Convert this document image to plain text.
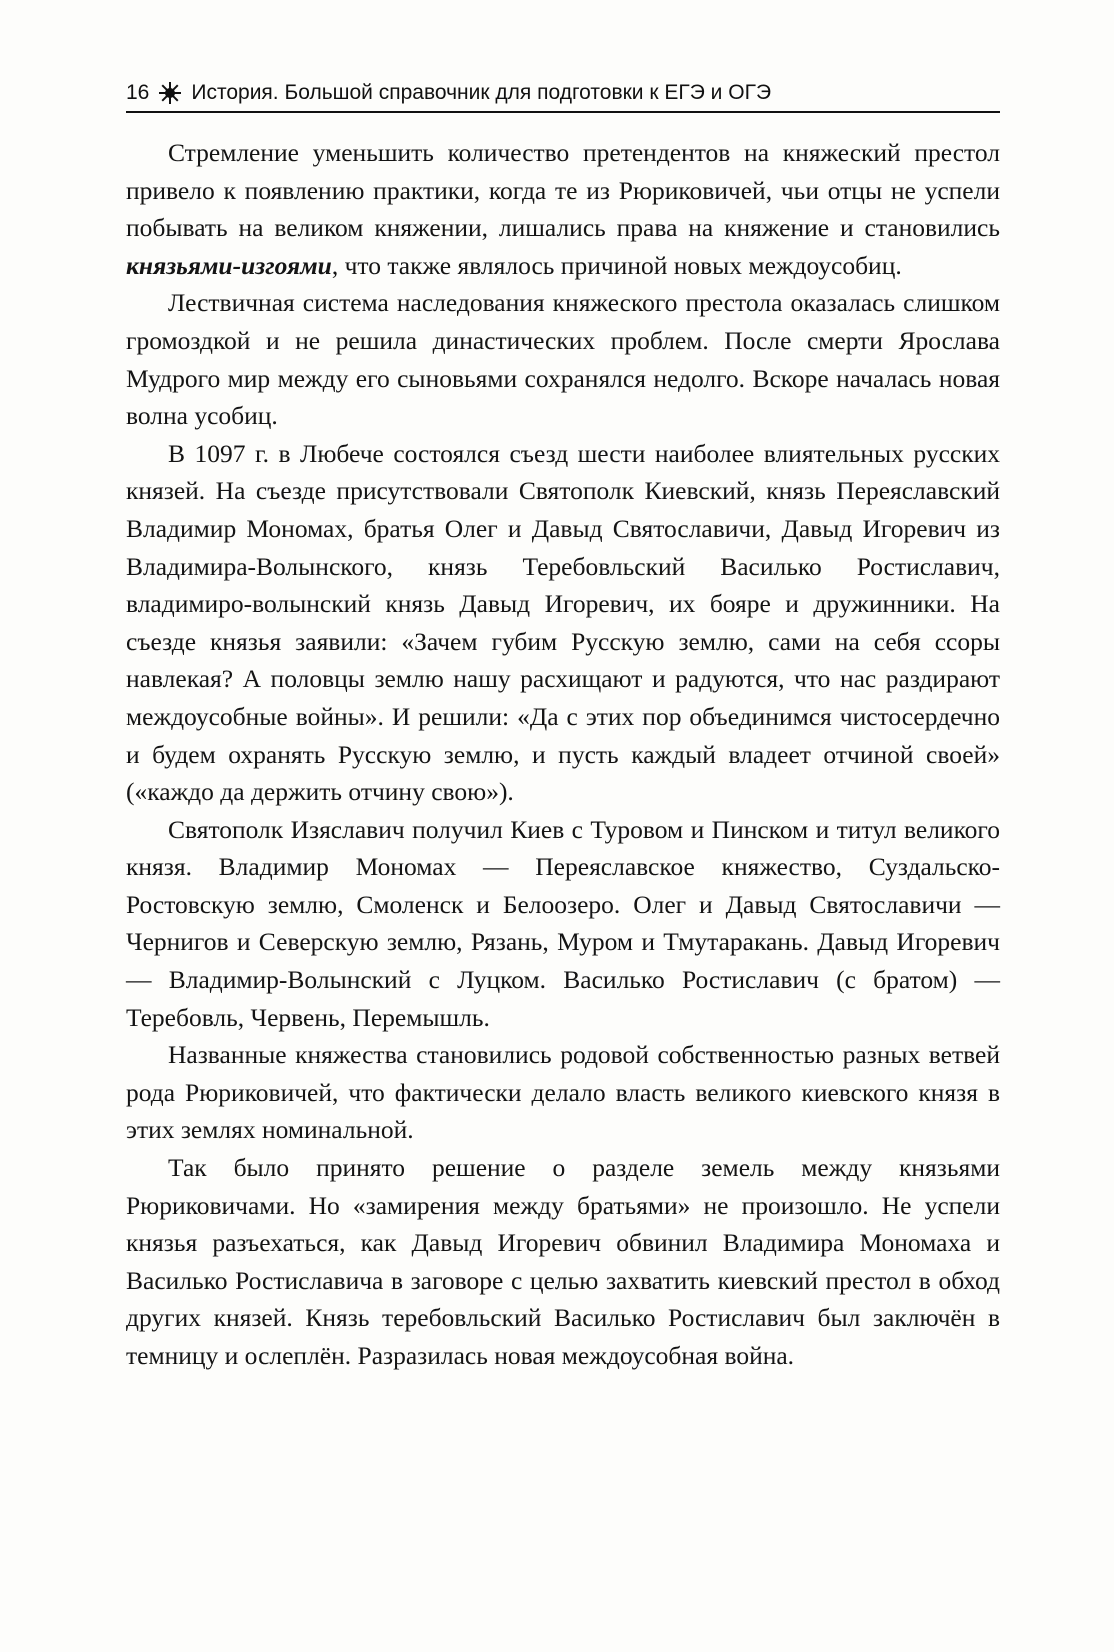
16 История. Большой справочник для подготовки к ЕГЭ и ОГЭ

Стремление уменьшить количество претендентов на княжеский престол привело к появлению практики, когда те из Рюриковичей, чьи отцы не успели побывать на великом княжении, лишались права на княжение и становились князьями-изгоями, что также являлось причиной новых междоусобиц.

Лествичная система наследования княжеского престола оказалась слишком громоздкой и не решила династических проблем. После смерти Ярослава Мудрого мир между его сыновьями сохранялся недолго. Вскоре началась новая волна усобиц.

В 1097 г. в Любече состоялся съезд шести наиболее влиятельных русских князей. На съезде присутствовали Святополк Киевский, князь Переяславский Владимир Мономах, братья Олег и Давыд Святославичи, Давыд Игоревич из Владимира-Волынского, князь Теребовльский Василько Ростиславич, владимиро-волынский князь Давыд Игоревич, их бояре и дружинники. На съезде князья заявили: «Зачем губим Русскую землю, сами на себя ссоры навлекая? А половцы землю нашу расхищают и радуются, что нас раздирают междоусобные войны». И решили: «Да с этих пор объединимся чистосердечно и будем охранять Русскую землю, и пусть каждый владеет отчиной своей» («каждо да держить отчину свою»).

Святополк Изяславич получил Киев с Туровом и Пинском и титул великого князя. Владимир Мономах — Переяславское княжество, Суздальско-Ростовскую землю, Смоленск и Белоозеро. Олег и Давыд Святославичи — Чернигов и Северскую землю, Рязань, Муром и Тмутаракань. Давыд Игоревич — Владимир-Волынский с Луцком. Василько Ростиславич (с братом) — Теребовль, Червень, Перемышль.

Названные княжества становились родовой собственностью разных ветвей рода Рюриковичей, что фактически делало власть великого киевского князя в этих землях номинальной.

Так было принято решение о разделе земель между князьями Рюриковичами. Но «замирения между братьями» не произошло. Не успели князья разъехаться, как Давыд Игоревич обвинил Владимира Мономаха и Василько Ростиславича в заговоре с целью захватить киевский престол в обход других князей. Князь теребовльский Василько Ростиславич был заключён в темницу и ослеплён. Разразилась новая междоусобная война.
